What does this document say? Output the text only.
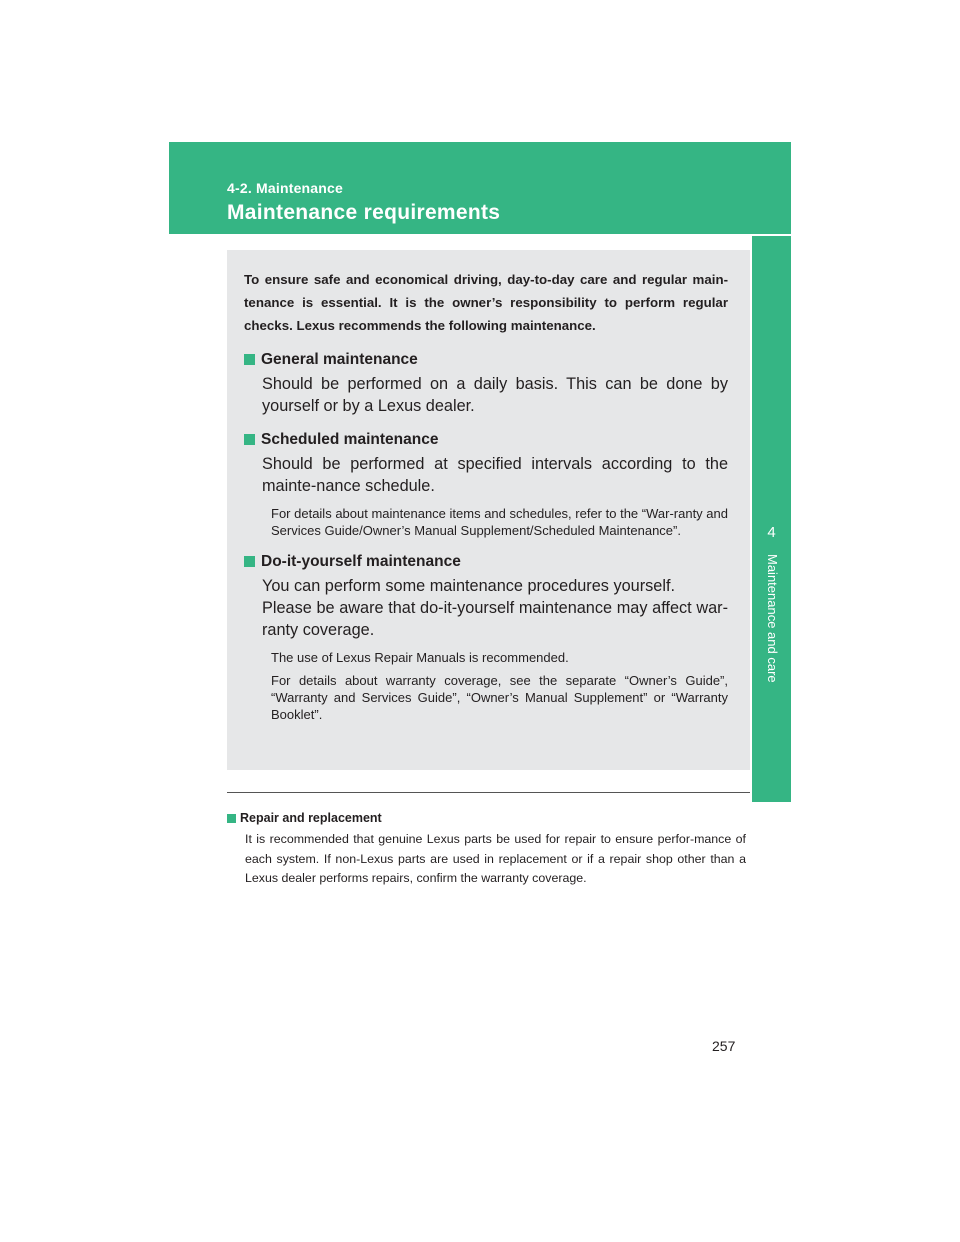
4-2. Maintenance
Maintenance requirements
4
Maintenance and care

To ensure safe and economical driving, day-to-day care and regular main-tenance is essential. It is the owner’s responsibility to perform regular checks. Lexus recommends the following maintenance.

General maintenance

Should be performed on a daily basis. This can be done by yourself or by a Lexus dealer.

Scheduled maintenance

Should be performed at specified intervals according to the mainte-nance schedule.

For details about maintenance items and schedules, refer to the “War-ranty and Services Guide/Owner’s Manual Supplement/Scheduled Maintenance”.

Do-it-yourself maintenance

You can perform some maintenance procedures yourself.

Please be aware that do-it-yourself maintenance may affect war-ranty coverage.

The use of Lexus Repair Manuals is recommended.

For details about warranty coverage, see the separate “Owner’s Guide”, “Warranty and Services Guide”, “Owner’s Manual Supplement” or “Warranty Booklet”.

Repair and replacement

It is recommended that genuine Lexus parts be used for repair to ensure perfor-mance of each system. If non-Lexus parts are used in replacement or if a repair shop other than a Lexus dealer performs repairs, confirm the warranty coverage.

257
